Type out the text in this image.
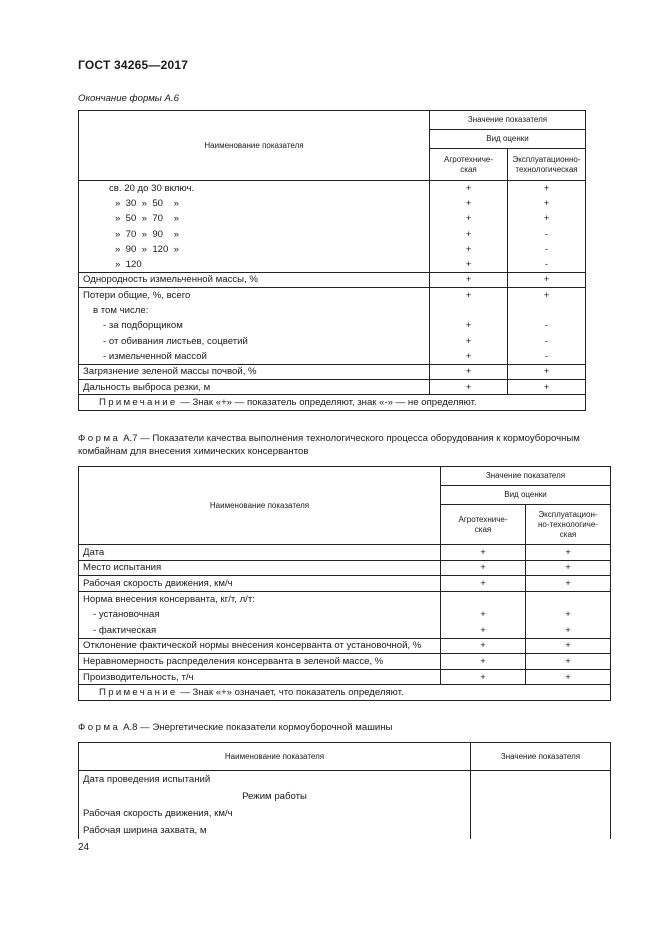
ГОСТ 34265—2017
Окончание формы А.6
Наименование показателя	Значение показателя	
	Вид оценки	
	Агротехниче-
ская	Эксплуатационно-
технологическая
св. 20 до 30 включ.	+	+
»  30  »  50    »	+	+
»  50  »  70    »	+	+
»  70  »  90    »	+	-
»  90  »  120  »	+	-
»  120	+	-
Однородность измельченной массы, %	+	+
Потери общие, %, всего	+	+
в том числе:		
- за подборщиком	+	-
- от обивания листьев, соцветий	+	-
- измельченной массой	+	-
Загрязнение зеленой массы почвой, %	+	+
Дальность выброса резки, м	+	+
Примечание — Знак «+» — показатель определяют, знак «-» — не определяют.		
Форма А.7 — Показатели качества выполнения технологического процесса оборудования к кормоуборочным комбайнам для внесения химических консервантов
Наименование показателя	Значение показателя	
	Вид оценки	
	Агротехниче-
ская	Эксплуатацион-
но-технологиче-
ская
Дата	+	+
Место испытания	+	+
Рабочая скорость движения, км/ч	+	+
Норма внесения консерванта, кг/т, л/т:		
- установочная	+	+
- фактическая	+	+
Отклонение фактической нормы внесения консерванта от установочной, %	+	+
Неравномерность распределения консерванта в зеленой массе, %	+	+
Производительность, т/ч	+	+
Примечание — Знак «+» означает, что показатель определяют.		
Форма А.8 — Энергетические показатели кормоуборочной машины
Наименование показателя	Значение показателя
Дата проведения испытаний	
Режим работы	
Рабочая скорость движения, км/ч	
Рабочая ширина захвата, м	
24
